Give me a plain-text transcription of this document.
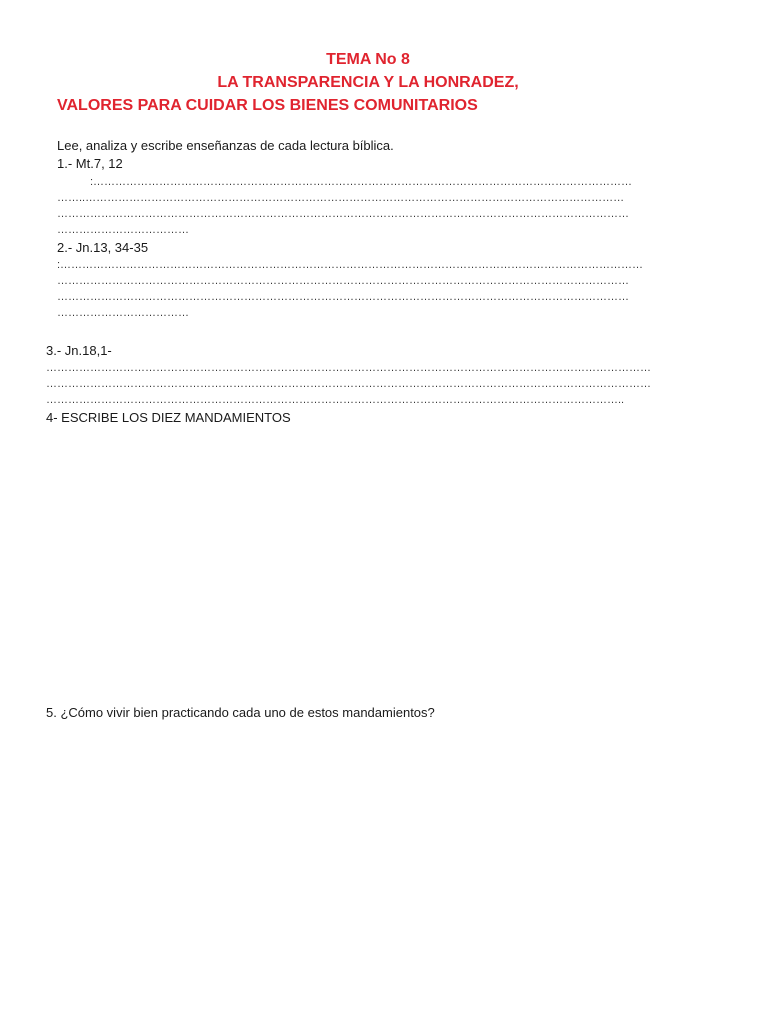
TEMA No 8
LA TRANSPARENCIA Y LA HONRADEZ,
VALORES PARA CUIDAR LOS BIENES COMUNITARIOS
Lee, analiza y escribe enseñanzas de cada lectura bíblica.
1.- Mt.7, 12
:…………………………………………………………………………………………………………………………………
……..…………………………………………………………………………………………………………………………………
…………………………………………………………………………………………………………………………………………
………………………………
2.- Jn.13, 34-35
:……………………………………………………………………………………………………………………………………………
…………………………………………………………………………………………………………………………………………
…………………………………………………………………………………………………………………………………………
………………………………
3.- Jn.18,1-
…………………………………………………………………………………………………………………………………………………
…………………………………………………………………………………………………………………………………………………
…………………………………………………………………………………………………………………………………………..
4- ESCRIBE LOS DIEZ MANDAMIENTOS
5. ¿Cómo vivir bien practicando cada uno de estos mandamientos?
